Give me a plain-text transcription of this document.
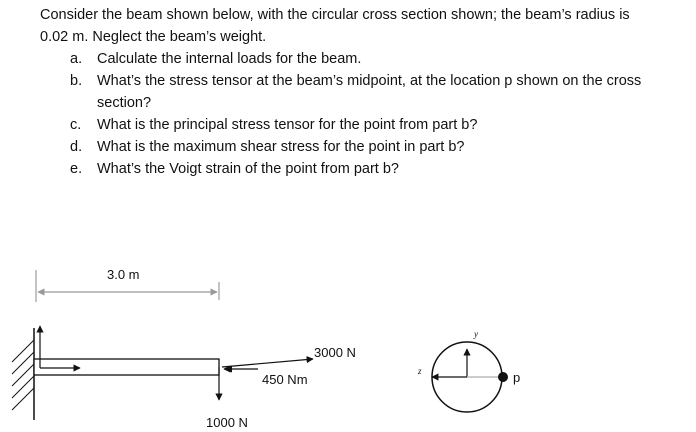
Consider the beam shown below, with the circular cross section shown; the beam’s radius is
0.02 m. Neglect the beam’s weight.

a. Calculate the internal loads for the beam.
b. What’s the stress tensor at the beam’s midpoint, at the location p shown on the cross
section?
c. What is the principal stress tensor for the point from part b?
d. What is the maximum shear stress for the point in part b?
e. What’s the Voigt strain of the point from part b?
3.0 m
3000 N
450 Nm
1000 N
y
z	p
